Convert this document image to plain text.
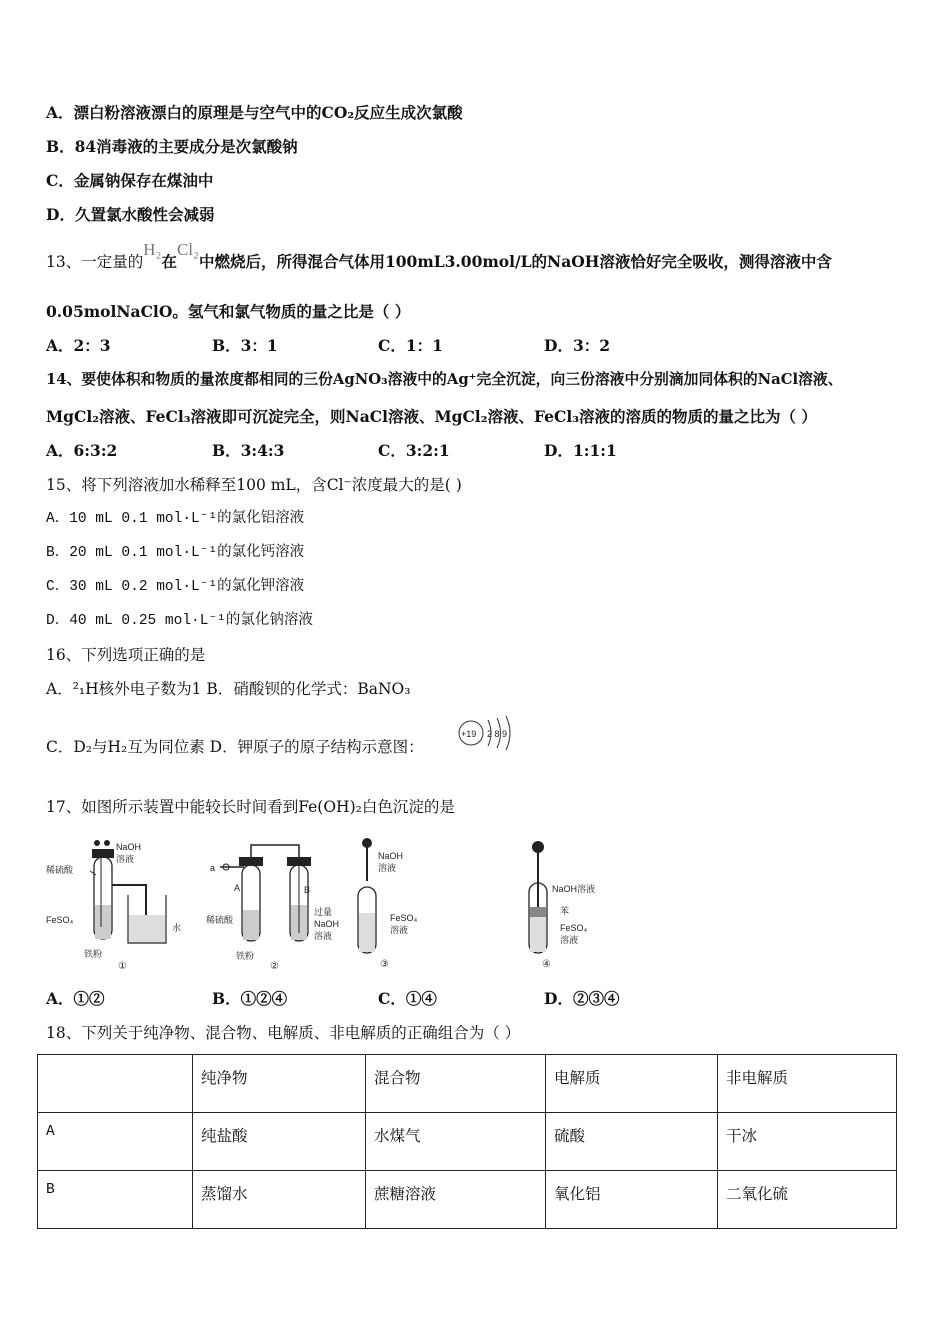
A．漂白粉溶液漂白的原理是与空气中的CO₂反应生成次氯酸
B．84消毒液的主要成分是次氯酸钠
C．金属钠保存在煤油中
D．久置氯水酸性会减弱
13、一定量的H₂在Cl₂中燃烧后，所得混合气体用100mL3.00mol/L的NaOH溶液恰好完全吸收，测得溶液中含
0.05molNaClO。氢气和氯气物质的量之比是（ ）
A．2：3	B．3：1	C．1：1	D．3：2
14、要使体积和物质的量浓度都相同的三份AgNO₃溶液中的Ag⁺完全沉淀，向三份溶液中分别滴加同体积的NaCl溶液、
MgCl₂溶液、FeCl₃溶液即可沉淀完全，则NaCl溶液、MgCl₂溶液、FeCl₃溶液的溶质的物质的量之比为（ ）
A．6:3:2	B．3:4:3	C．3:2:1	D．1:1:1
15、将下列溶液加水稀释至100 mL，含Cl⁻浓度最大的是( )
A．10 mL 0.1 mol·L⁻¹的氯化铝溶液
B．20 mL 0.1 mol·L⁻¹的氯化钙溶液
C．30 mL 0.2 mol·L⁻¹的氯化钾溶液
D．40 mL 0.25 mol·L⁻¹的氯化钠溶液
16、下列选项正确的是
A．²₁H核外电子数为1 B．硝酸钡的化学式：BaNO₃
C．D₂与H₂互为同位素 D．钾原子的原子结构示意图：
+19 2 8 9
17、如图所示装置中能较长时间看到Fe(OH)₂白色沉淀的是
稀硫酸
NaOH
溶液
FeSO₄
铁粉
水
①
a
A	B
稀硫酸
过量
NaOH
溶液
铁粉
②
NaOH
溶液
FeSO₄
溶液
③
NaOH溶液
苯
FeSO₄
溶液
④
A．①②	B．①②④	C．①④	D．②③④
18、下列关于纯净物、混合物、电解质、非电解质的正确组合为（ ）
	纯净物	混合物	电解质	非电解质
A	纯盐酸	水煤气	硫酸	干冰
B	蒸馏水	蔗糖溶液	氧化铝	二氧化硫
